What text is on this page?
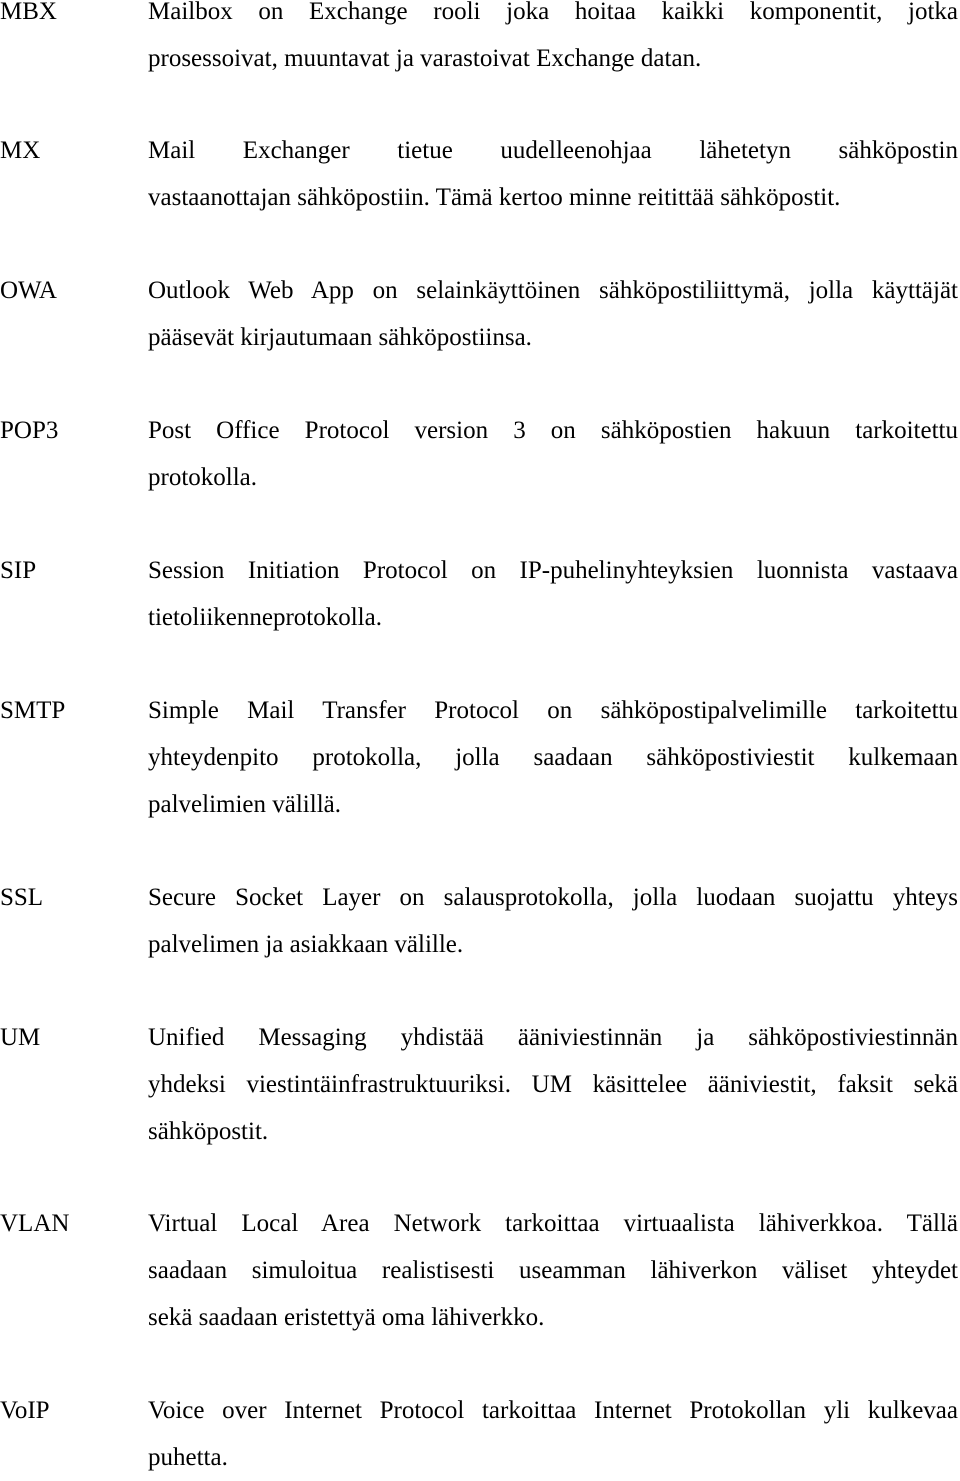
MBX	Mailbox on Exchange rooli joka hoitaa kaikki komponentit, jotka
prosessoivat, muuntavat ja varastoivat Exchange datan.
MX	Mail Exchanger tietue uudelleenohjaa lähetetyn sähköpostin
vastaanottajan sähköpostiin. Tämä kertoo minne reitittää sähköpostit.
OWA	Outlook Web App on selainkäyttöinen sähköpostiliittymä, jolla käyttäjät
pääsevät kirjautumaan sähköpostiinsa.
POP3	Post Office Protocol version 3 on sähköpostien hakuun tarkoitettu
protokolla.
SIP	Session Initiation Protocol on IP-puhelinyhteyksien luonnista vastaava
tietoliikenneprotokolla.
SMTP	Simple Mail Transfer Protocol on sähköpostipalvelimille tarkoitettu
yhteydenpito protokolla, jolla saadaan sähköpostiviestit kulkemaan
palvelimien välillä.
SSL	Secure Socket Layer on salausprotokolla, jolla luodaan suojattu yhteys
palvelimen ja asiakkaan välille.
UM	Unified Messaging yhdistää ääniviestinnän ja sähköpostiviestinnän
yhdeksi viestintäinfrastruktuuriksi. UM käsittelee ääniviestit, faksit sekä
sähköpostit.
VLAN	Virtual Local Area Network tarkoittaa virtuaalista lähiverkkoa. Tällä
saadaan simuloitua realistisesti useamman lähiverkon väliset yhteydet
sekä saadaan eristettyä oma lähiverkko.
VoIP	Voice over Internet Protocol tarkoittaa Internet Protokollan yli kulkevaa
puhetta.
